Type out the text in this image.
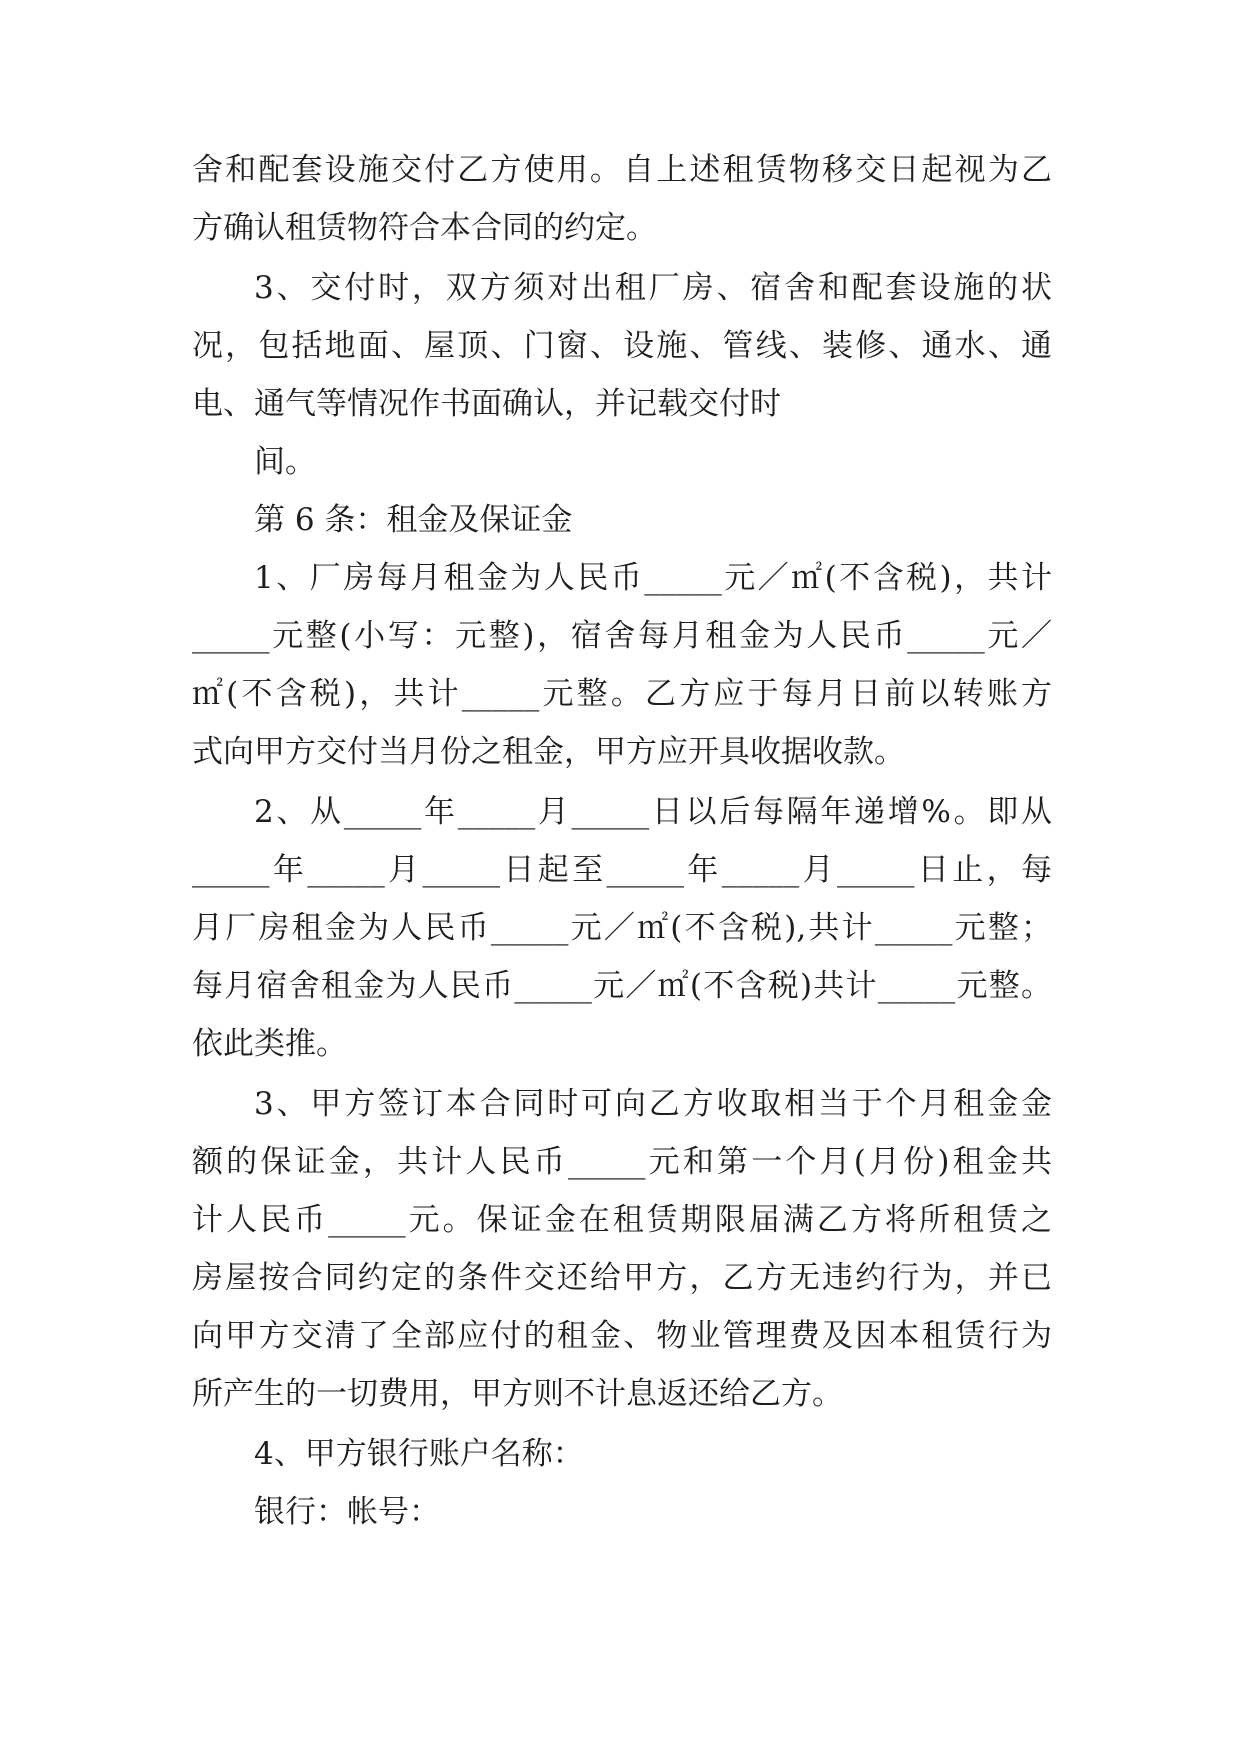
舍和配套设施交付乙方使用。自上述租赁物移交日起视为乙
方确认租赁物符合本合同的约定。
3、交付时，双方须对出租厂房、宿舍和配套设施的状
况，包括地面、屋顶、门窗、设施、管线、装修、通水、通
电、通气等情况作书面确认，并记载交付时
间。
第 6 条：租金及保证金
1、厂房每月租金为人民币_____元／㎡(不含税)，共计
_____元整(小写：元整)，宿舍每月租金为人民币_____元／
㎡(不含税)，共计_____元整。乙方应于每月日前以转账方
式向甲方交付当月份之租金，甲方应开具收据收款。
2、从_____年_____月_____日以后每隔年递增%。即从
_____年_____月_____日起至_____年_____月_____日止，每
月厂房租金为人民币_____元／㎡(不含税),共计_____元整；
每月宿舍租金为人民币_____元／㎡(不含税)共计_____元整。
依此类推。
3、甲方签订本合同时可向乙方收取相当于个月租金金
额的保证金，共计人民币_____元和第一个月(月份)租金共
计人民币_____元。保证金在租赁期限届满乙方将所租赁之
房屋按合同约定的条件交还给甲方，乙方无违约行为，并已
向甲方交清了全部应付的租金、物业管理费及因本租赁行为
所产生的一切费用，甲方则不计息返还给乙方。
4、甲方银行账户名称：
银行：帐号：
